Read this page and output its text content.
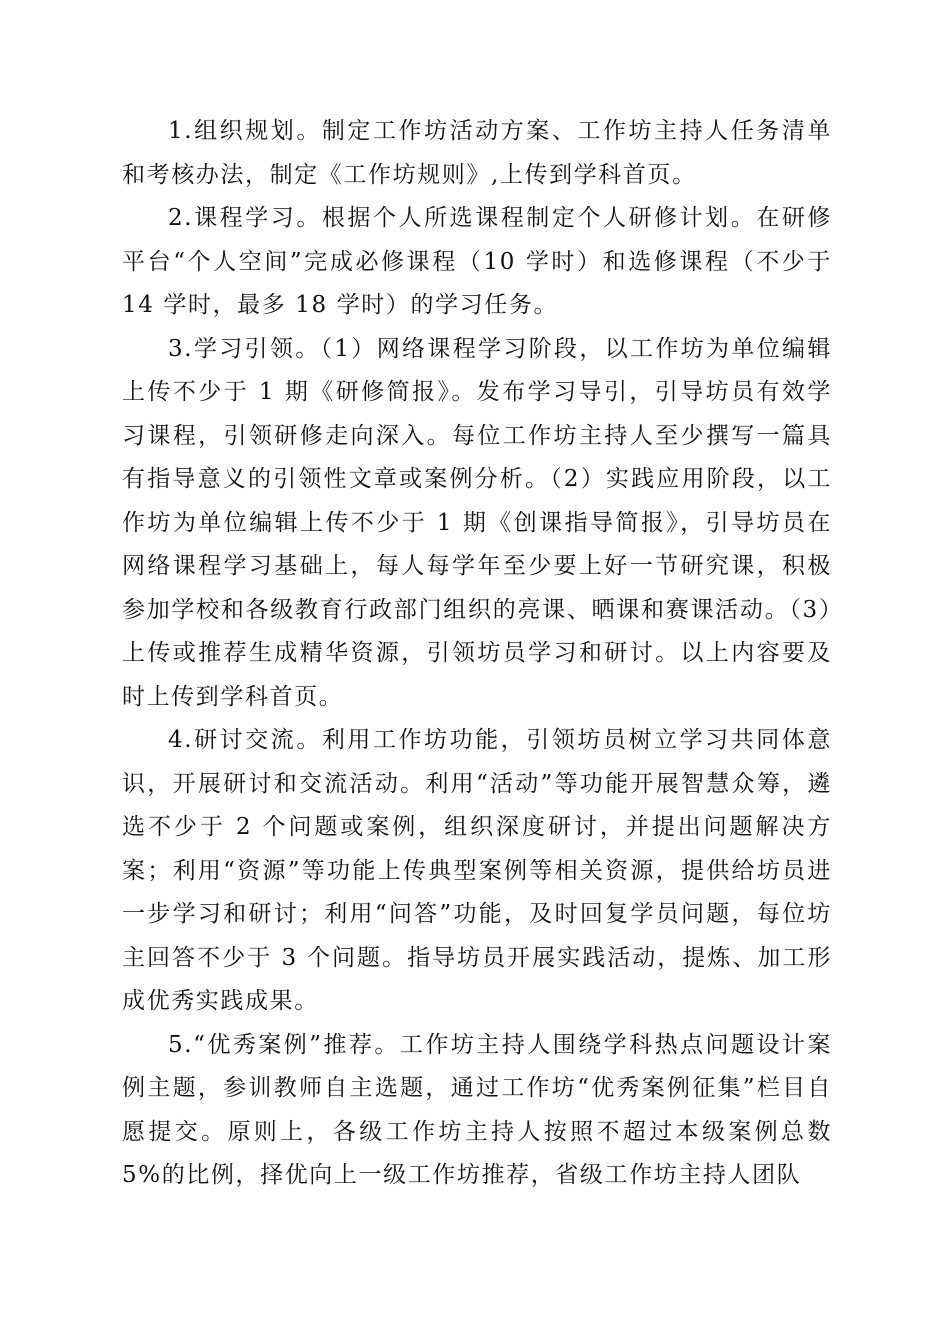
1.组织规划。制定工作坊活动方案、工作坊主持人任务清单和考核办法，制定《工作坊规则》,上传到学科首页。

2.课程学习。根据个人所选课程制定个人研修计划。在研修平台“个人空间”完成必修课程（10 学时）和选修课程（不少于 14 学时，最多 18 学时）的学习任务。

3.学习引领。（1）网络课程学习阶段，以工作坊为单位编辑上传不少于 1 期《研修简报》。发布学习导引，引导坊员有效学习课程，引领研修走向深入。每位工作坊主持人至少撰写一篇具有指导意义的引领性文章或案例分析。（2）实践应用阶段，以工作坊为单位编辑上传不少于 1 期《创课指导简报》，引导坊员在网络课程学习基础上，每人每学年至少要上好一节研究课，积极参加学校和各级教育行政部门组织的亮课、晒课和赛课活动。（3）上传或推荐生成精华资源，引领坊员学习和研讨。以上内容要及时上传到学科首页。

4.研讨交流。利用工作坊功能，引领坊员树立学习共同体意识，开展研讨和交流活动。利用“活动”等功能开展智慧众筹，遴选不少于 2 个问题或案例，组织深度研讨，并提出问题解决方案；利用“资源”等功能上传典型案例等相关资源，提供给坊员进一步学习和研讨；利用“问答”功能，及时回复学员问题，每位坊主回答不少于 3 个问题。指导坊员开展实践活动，提炼、加工形成优秀实践成果。

5.“优秀案例”推荐。工作坊主持人围绕学科热点问题设计案例主题，参训教师自主选题，通过工作坊“优秀案例征集”栏目自愿提交。原则上，各级工作坊主持人按照不超过本级案例总数 5%的比例，择优向上一级工作坊推荐，省级工作坊主持人团队
